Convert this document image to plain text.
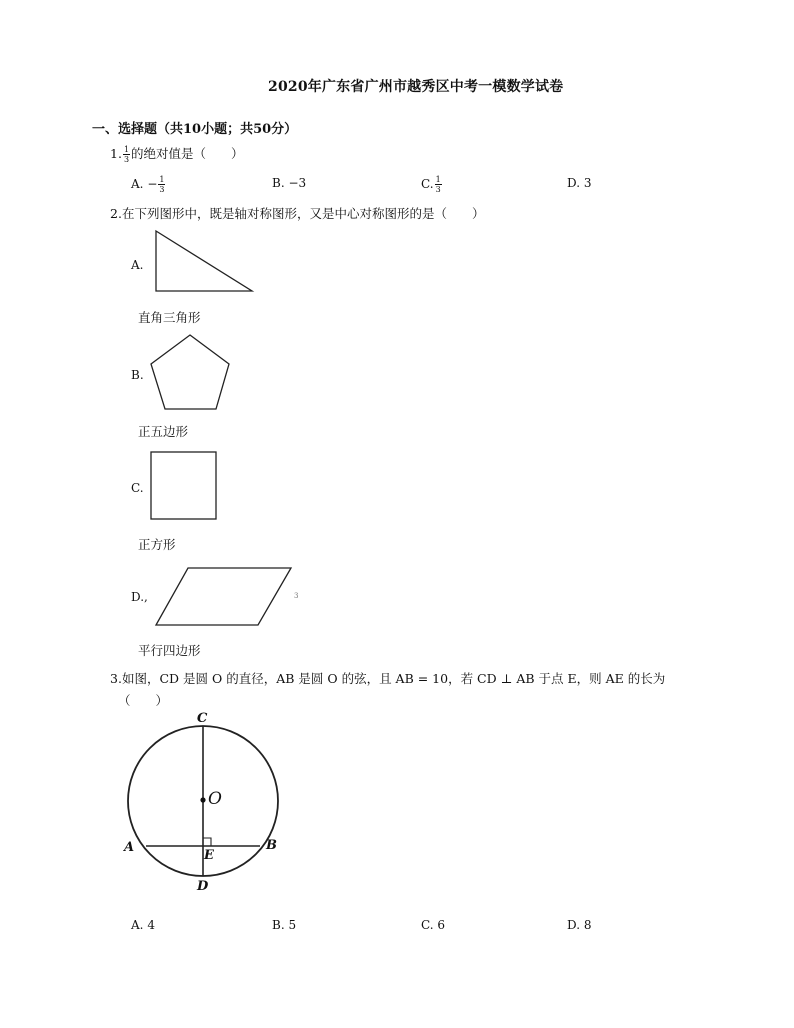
2020年广东省广州市越秀区中考一模数学试卷
一、选择题（共10小题；共50分）
1. $\frac{1}{3}$ 的绝对值是（　　）
A. − $\frac{1}{3}$	B. −3	C. $\frac{1}{3}$	D. 3
2.在下列图形中，既是轴对称图形，又是中心对称图形的是（　　）
A.
直角三角形
B.
正五边形
C.
正方形
D.,	3
平行四边形
3.如图，CD 是圆 O 的直径，AB 是圆 O 的弦，且 AB = 10，若 CD ⊥ AB 于点 E，则 AE 的长为
（　　）
C
O
A	B
E
D
A. 4	B. 5	C. 6	D. 8
